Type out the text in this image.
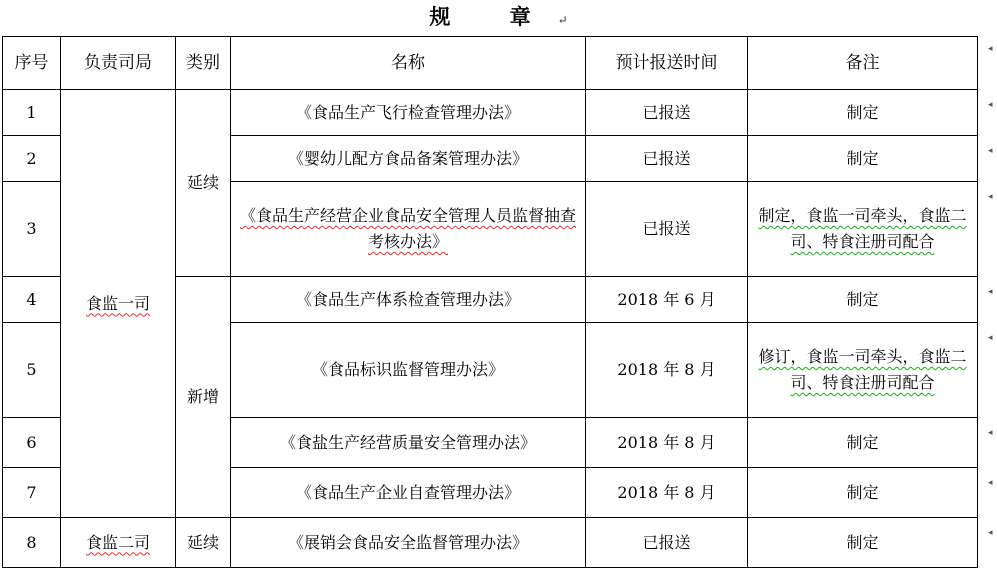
规 章↵
序号	负责司局	类别	名称	预计报送时间	备注
1	食监一司	延续	《食品生产飞行检查管理办法》	已报送	制定
2			《婴幼儿配方食品备案管理办法》	已报送	制定
3			《食品生产经营企业食品安全管理人员监督抽查考核办法》	已报送	制定，食监一司牵头，食监二司、特食注册司配合
4		新增	《食品生产体系检查管理办法》	2018 年 6 月	制定
5			《食品标识监督管理办法》	2018 年 8 月	修订，食监一司牵头，食监二司、特食注册司配合
6			《食盐生产经营质量安全管理办法》	2018 年 8 月	制定
7			《食品生产企业自查管理办法》	2018 年 8 月	制定
8	食监二司	延续	《展销会食品安全监督管理办法》	已报送	制定
◂
◂
◂
◂
◂
◂
◂
◂
◂
